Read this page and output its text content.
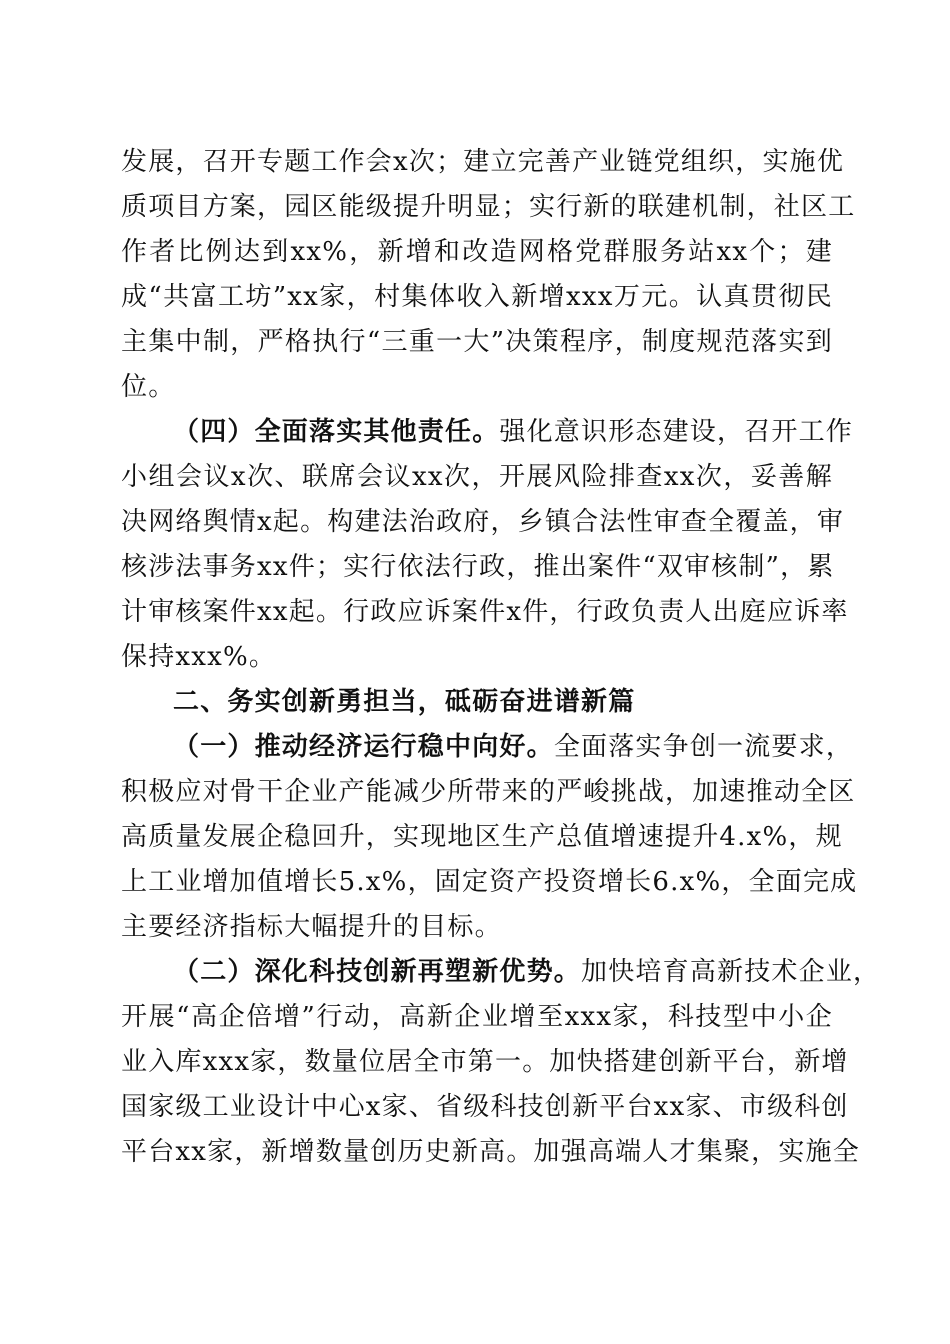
发展，召开专题工作会x次；建立完善产业链党组织，实施优
质项目方案，园区能级提升明显；实行新的联建机制，社区工
作者比例达到xx%，新增和改造网格党群服务站xx个；建
成“共富工坊”xx家，村集体收入新增xxx万元。认真贯彻民
主集中制，严格执行“三重一大”决策程序，制度规范落实到
位。
（四）全面落实其他责任。强化意识形态建设，召开工作
小组会议x次、联席会议xx次，开展风险排查xx次，妥善解
决网络舆情x起。构建法治政府，乡镇合法性审查全覆盖，审
核涉法事务xx件；实行依法行政，推出案件“双审核制”，累
计审核案件xx起。行政应诉案件x件，行政负责人出庭应诉率
保持xxx%。
二、务实创新勇担当，砥砺奋进谱新篇
（一）推动经济运行稳中向好。全面落实争创一流要求，
积极应对骨干企业产能减少所带来的严峻挑战，加速推动全区
高质量发展企稳回升，实现地区生产总值增速提升4.x%，规
上工业增加值增长5.x%，固定资产投资增长6.x%，全面完成
主要经济指标大幅提升的目标。
（二）深化科技创新再塑新优势。加快培育高新技术企业，
开展“高企倍增”行动，高新企业增至xxx家，科技型中小企
业入库xxx家，数量位居全市第一。加快搭建创新平台，新增
国家级工业设计中心x家、省级科技创新平台xx家、市级科创
平台xx家，新增数量创历史新高。加强高端人才集聚，实施全
